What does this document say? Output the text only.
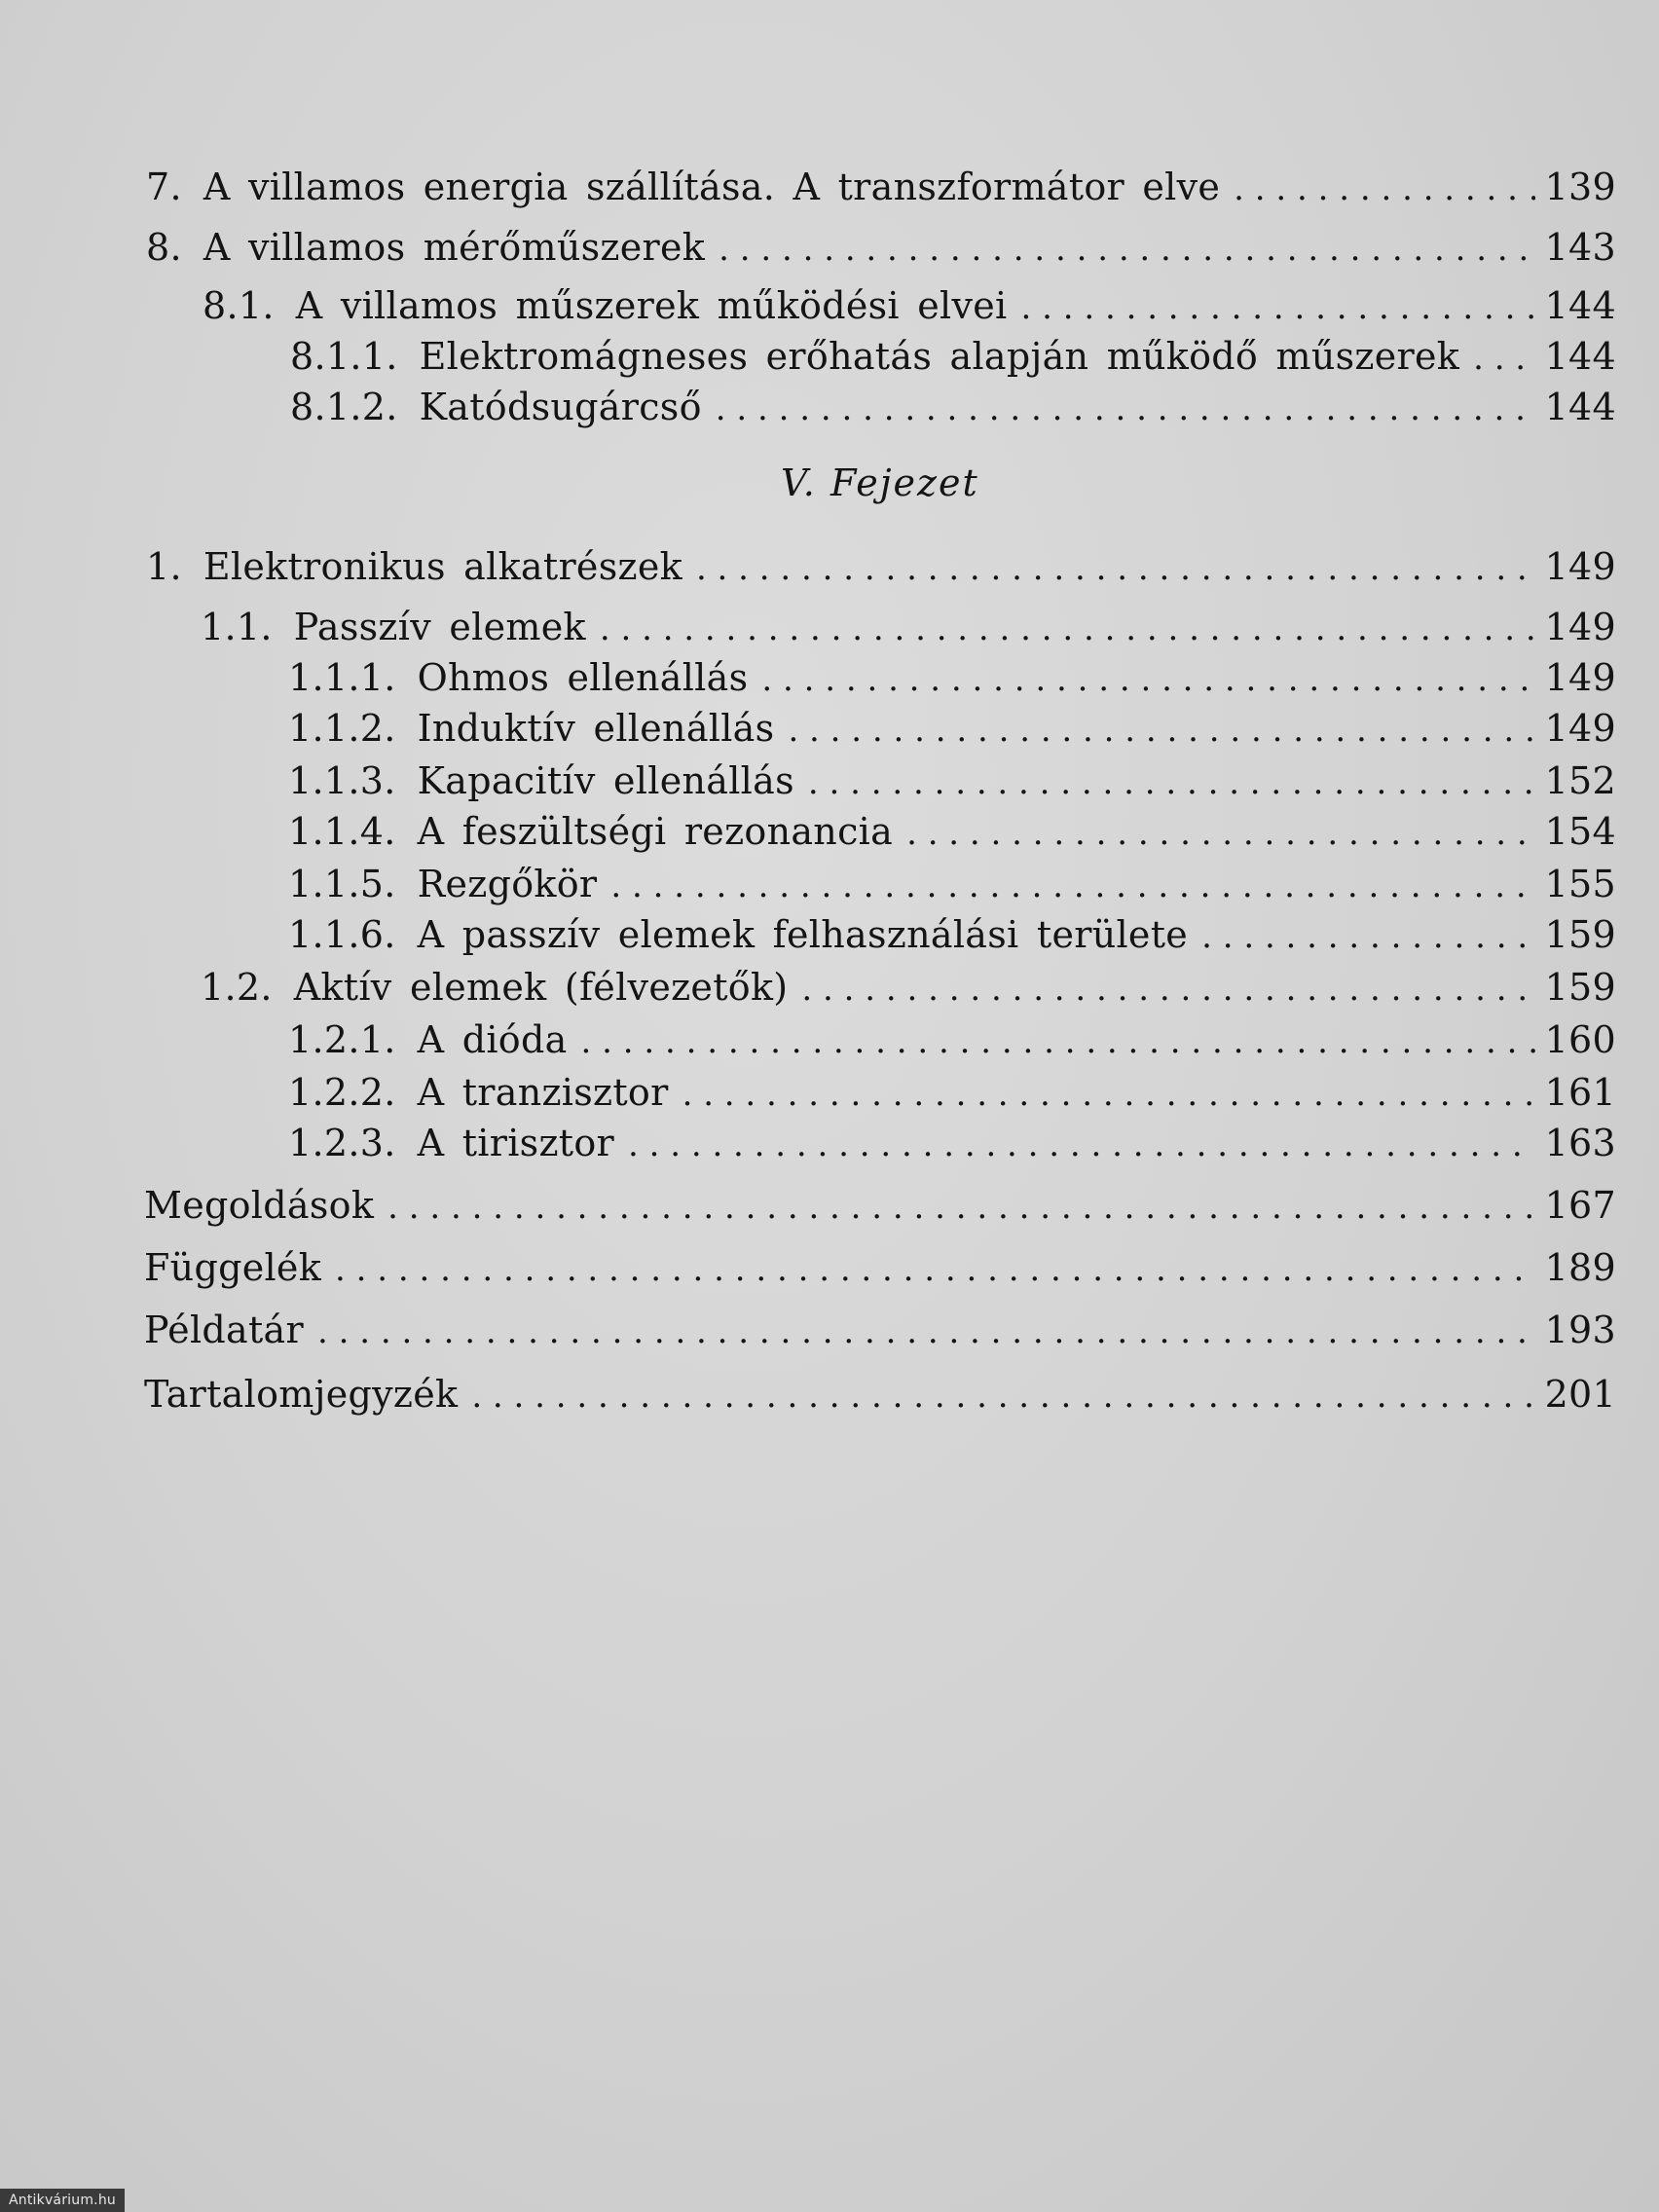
7. A villamos energia szállítása. A transzformátor elve . . .	139
8. A villamos mérőműszerek . . .	143
8.1. A villamos műszerek működési elvei . . .	144
8.1.1. Elektromágneses erőhatás alapján működő műszerek . . . 144
8.1.2. Katódsugárcső . . .	144
V. Fejezet
1. Elektronikus alkatrészek . . .	149
1.1. Passzív elemek . . .	149
1.1.1. Ohmos ellenállás . . .	149
1.1.2. Induktív ellenállás . . .	149
1.1.3. Kapacitív ellenállás . . .	152
1.1.4. A feszültségi rezonancia . . .	154
1.1.5. Rezgőkör . . .	155
1.1.6. A passzív elemek felhasználási területe . . .	159
1.2. Aktív elemek (félvezetők) . . .	159
1.2.1. A dióda . . .	160
1.2.2. A tranzisztor . . .	161
1.2.3. A tirisztor . . .	163
Megoldások . . .	167
Függelék . . .	189
Példatár . . .	193
Tartalomjegyzék . . .	201
Antikvárium.hu
